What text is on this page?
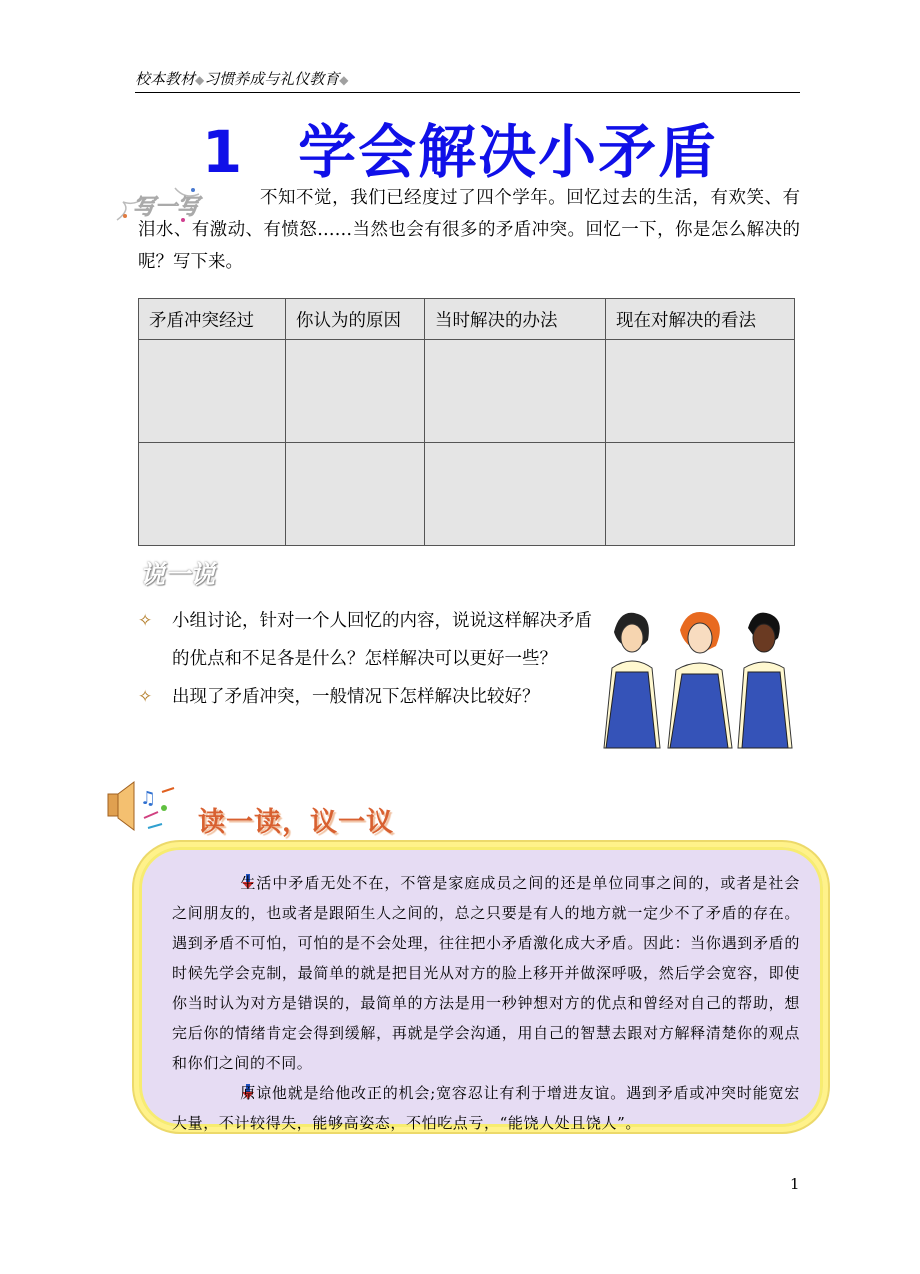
校本教材◆习惯养成与礼仪教育◆
1 学会解决小矛盾
写一写	不知不觉，我们已经度过了四个学年。回忆过去的生活，有欢笑、有泪水、有激动、有愤怒……当然也会有很多的矛盾冲突。回忆一下，你是怎么解决的呢？写下来。
矛盾冲突经过	你认为的原因	当时解决的办法	现在对解决的看法

说一说
✧ 小组讨论，针对一个人回忆的内容，说说这样解决矛盾的优点和不足各是什么？怎样解决可以更好一些？
✧ 出现了矛盾冲突，一般情况下怎样解决比较好？
♫
读一读，议一议
生活中矛盾无处不在，不管是家庭成员之间的还是单位同事之间的，或者是社会之间朋友的，也或者是跟陌生人之间的，总之只要是有人的地方就一定少不了矛盾的存在。遇到矛盾不可怕，可怕的是不会处理，往往把小矛盾激化成大矛盾。因此：当你遇到矛盾的时候先学会克制，最简单的就是把目光从对方的脸上移开并做深呼吸，然后学会宽容，即使你当时认为对方是错误的，最简单的方法是用一秒钟想对方的优点和曾经对自己的帮助，想完后你的情绪肯定会得到缓解，再就是学会沟通，用自己的智慧去跟对方解释清楚你的观点和你们之间的不同。
原谅他就是给他改正的机会;宽容忍让有利于增进友谊。遇到矛盾或冲突时能宽宏大量，不计较得失，能够高姿态，不怕吃点亏，“能饶人处且饶人”。
1
